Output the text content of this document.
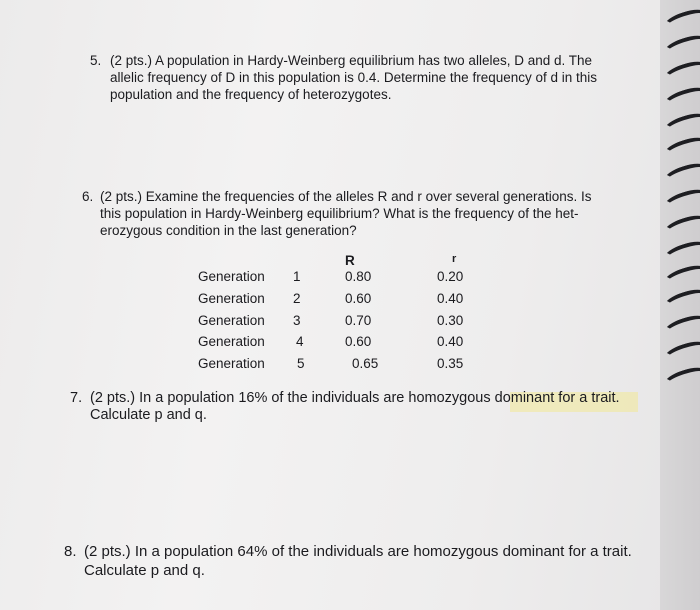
5. (2 pts.) A population in Hardy-Weinberg equilibrium has two alleles, D and d. The
allelic frequency of D in this population is 0.4. Determine the frequency of d in this
population and the frequency of heterozygotes.
6. (2 pts.) Examine the frequencies of the alleles R and r over several generations. Is
this population in Hardy-Weinberg equilibrium? What is the frequency of the het-
erozygous condition in the last generation?
R	r
Generation 1	0.80	0.20
Generation 2	0.60	0.40
Generation 3	0.70	0.30
Generation 4	0.60	0.40
Generation 5	0.65	0.35
7. (2 pts.) In a population 16% of the individuals are homozygous dominant for a trait.
Calculate p and q.
8. (2 pts.) In a population 64% of the individuals are homozygous dominant for a trait.
Calculate p and q.
